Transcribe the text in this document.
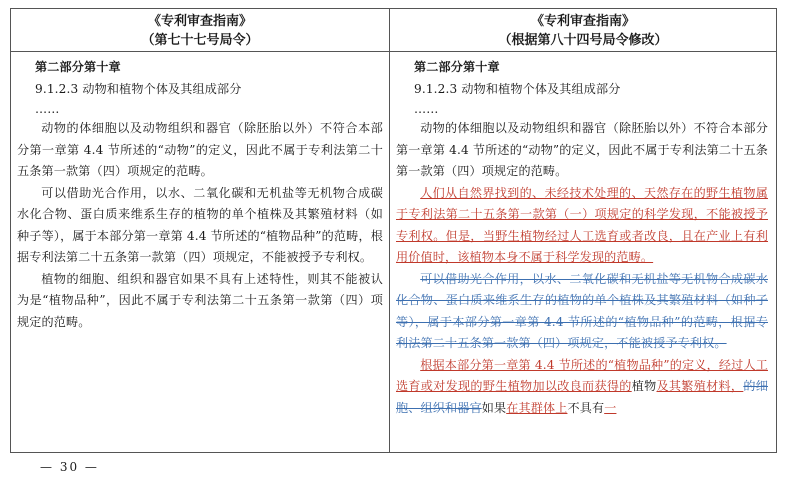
《专利审查指南》
（第七十七号局令）
《专利审查指南》
（根据第八十四号局令修改）

第二部分第十章

9.1.2.3 动物和植物个体及其组成部分

……

动物的体细胞以及动物组织和器官（除胚胎以外）不符合本部分第一章第 4.4 节所述的“动物”的定义，因此不属于专利法第二十五条第一款第（四）项规定的范畴。

可以借助光合作用，以水、二氧化碳和无机盐等无机物合成碳水化合物、蛋白质来维系生存的植物的单个植株及其繁殖材料（如种子等），属于本部分第一章第 4.4 节所述的“植物品种”的范畴，根据专利法第二十五条第一款第（四）项规定，不能被授予专利权。

植物的细胞、组织和器官如果不具有上述特性，则其不能被认为是“植物品种”，因此不属于专利法第二十五条第一款第（四）项规定的范畴。

第二部分第十章

9.1.2.3 动物和植物个体及其组成部分

……

动物的体细胞以及动物组织和器官（除胚胎以外）不符合本部分第一章第 4.4 节所述的“动物”的定义，因此不属于专利法第二十五条第一款第（四）项规定的范畴。

人们从自然界找到的、未经技术处理的、天然存在的野生植物属于专利法第二十五条第一款第（一）项规定的科学发现，不能被授予专利权。但是，当野生植物经过人工选育或者改良，且在产业上有利用价值时，该植物本身不属于科学发现的范畴。

可以借助光合作用，以水、二氧化碳和无机盐等无机物合成碳水化合物、蛋白质来维系生存的植物的单个植株及其繁殖材料（如种子等），属于本部分第一章第 4.4 节所述的“植物品种”的范畴，根据专利法第二十五条第一款第（四）项规定，不能被授予专利权。

根据本部分第一章第 4.4 节所述的“植物品种”的定义，经过人工选育或对发现的野生植物加以改良而获得的植物及其繁殖材料，的细胞、组织和器官如果在其群体上不具有一

— 30 —
